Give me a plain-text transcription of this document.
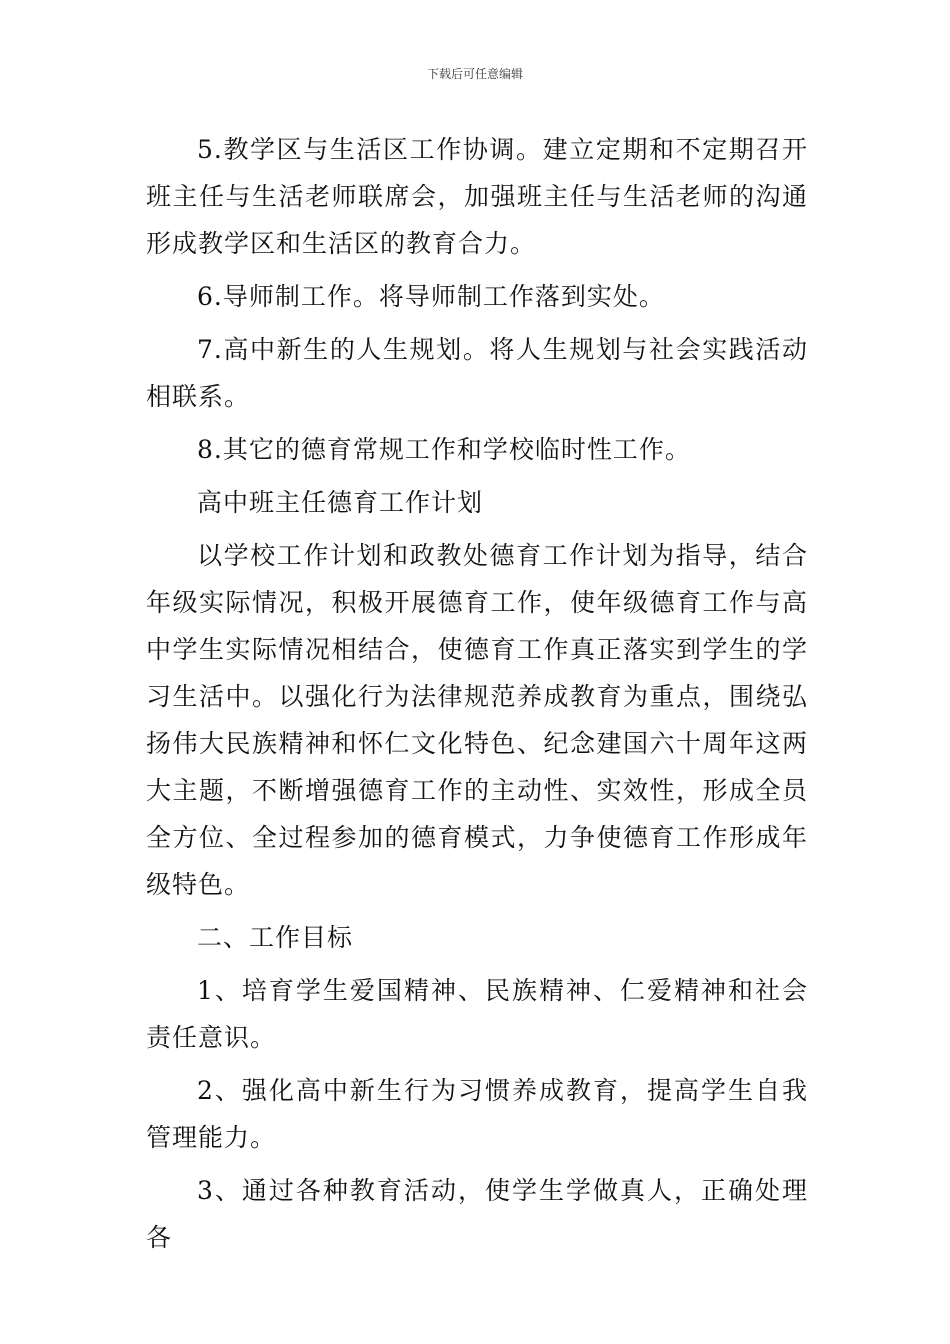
下载后可任意编辑

5.教学区与生活区工作协调。建立定期和不定期召开班主任与生活老师联席会，加强班主任与生活老师的沟通形成教学区和生活区的教育合力。

6.导师制工作。将导师制工作落到实处。

7.高中新生的人生规划。将人生规划与社会实践活动相联系。

8.其它的德育常规工作和学校临时性工作。

高中班主任德育工作计划

以学校工作计划和政教处德育工作计划为指导，结合年级实际情况，积极开展德育工作，使年级德育工作与高中学生实际情况相结合，使德育工作真正落实到学生的学习生活中。以强化行为法律规范养成教育为重点，围绕弘扬伟大民族精神和怀仁文化特色、纪念建国六十周年这两大主题，不断增强德育工作的主动性、实效性，形成全员全方位、全过程参加的德育模式，力争使德育工作形成年级特色。

二、工作目标

1、培育学生爱国精神、民族精神、仁爱精神和社会责任意识。

2、强化高中新生行为习惯养成教育，提高学生自我管理能力。

3、通过各种教育活动，使学生学做真人，正确处理各
